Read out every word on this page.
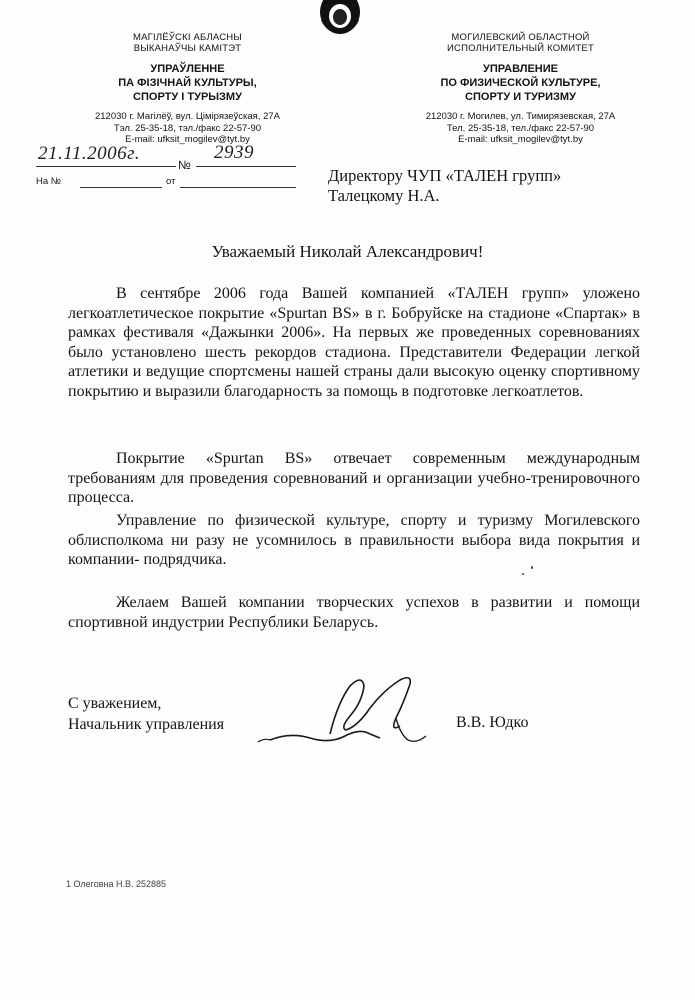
МАГІЛЁЎСКІ АБЛАСНЫ
ВЫКАНАЎЧЫ КАМІТЭТ
УПРАЎЛЕННЕ
ПА ФІЗІЧНАЙ КУЛЬТУРЫ,
СПОРТУ І ТУРЫЗМУ
212030 г. Магілёў, вул. Цімірязеўская, 27А
Тэл. 25-35-18, тэл./факс 22-57-90
E-mail: ufksit_mogilev@tyt.by
МОГИЛЕВСКИЙ ОБЛАСТНОЙ
ИСПОЛНИТЕЛЬНЫЙ КОМИТЕТ
УПРАВЛЕНИЕ
ПО ФИЗИЧЕСКОЙ КУЛЬТУРЕ,
СПОРТУ И ТУРИЗМУ
212030 г. Могилев, ул. Тимирязевская, 27А
Тел. 25-35-18, тел./факс 22-57-90
E-mail: ufksit_mogilev@tyt.by
21.11.2006г.
№
2939
На №	от	Директору ЧУП «ТАЛЕН групп»
Талецкому Н.А.
Уважаемый Николай Александрович!
В сентябре 2006 года Вашей компанией «ТАЛЕН групп» уложено легкоатлетическое покрытие «Spurtan BS» в г. Бобруйске на стадионе «Спартак» в рамках фестиваля «Дажынки 2006». На первых же проведенных соревнованиях было установлено шесть рекордов стадиона. Представители Федерации легкой атлетики и ведущие спортсмены нашей страны дали высокую оценку спортивному покрытию и выразили благодарность за помощь в подготовке легкоатлетов.
Покрытие «Spurtan BS» отвечает современным международным требованиям для проведения соревнований и организации учебно-тренировочного процесса.
Управление по физической культуре, спорту и туризму Могилевского облисполкома ни разу не усомнилось в правильности выбора вида покрытия и компании- подрядчика.
Желаем Вашей компании творческих успехов в развитии и помощи спортивной индустрии Республики Беларусь.
С уважением,
Начальник управления	В.В. Юдко
1 Олеговна Н.В. 252885
